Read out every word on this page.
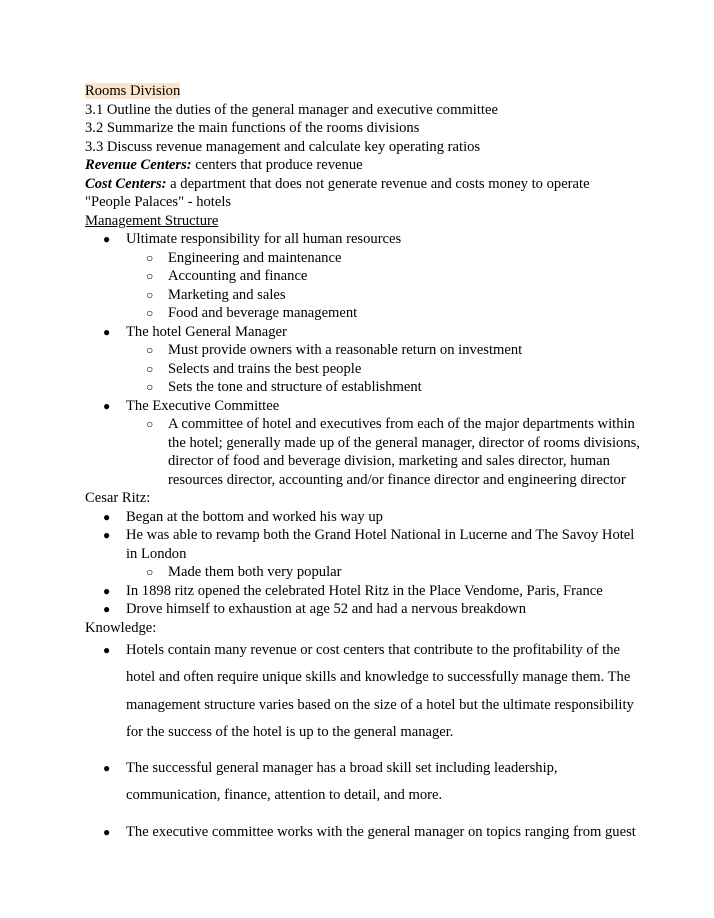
Rooms Division
3.1 Outline the duties of the general manager and executive committee
3.2 Summarize the main functions of the rooms divisions
3.3 Discuss revenue management and calculate key operating ratios
Revenue Centers: centers that produce revenue
Cost Centers: a department that does not generate revenue and costs money to operate
"People Palaces" - hotels
Management Structure
● Ultimate responsibility for all human resources
○ Engineering and maintenance
○ Accounting and finance
○ Marketing and sales
○ Food and beverage management
● The hotel General Manager
○ Must provide owners with a reasonable return on investment
○ Selects and trains the best people
○ Sets the tone and structure of establishment
● The Executive Committee
○ A committee of hotel and executives from each of the major departments within the hotel; generally made up of the general manager, director of rooms divisions, director of food and beverage division, marketing and sales director, human resources director, accounting and/or finance director and engineering director
Cesar Ritz:
● Began at the bottom and worked his way up
● He was able to revamp both the Grand Hotel National in Lucerne and The Savoy Hotel in London
○ Made them both very popular
● In 1898 ritz opened the celebrated Hotel Ritz in the Place Vendome, Paris, France
● Drove himself to exhaustion at age 52 and had a nervous breakdown
Knowledge:
● Hotels contain many revenue or cost centers that contribute to the profitability of the hotel and often require unique skills and knowledge to successfully manage them. The management structure varies based on the size of a hotel but the ultimate responsibility for the success of the hotel is up to the general manager.
● The successful general manager has a broad skill set including leadership, communication, finance, attention to detail, and more.
● The executive committee works with the general manager on topics ranging from guest
